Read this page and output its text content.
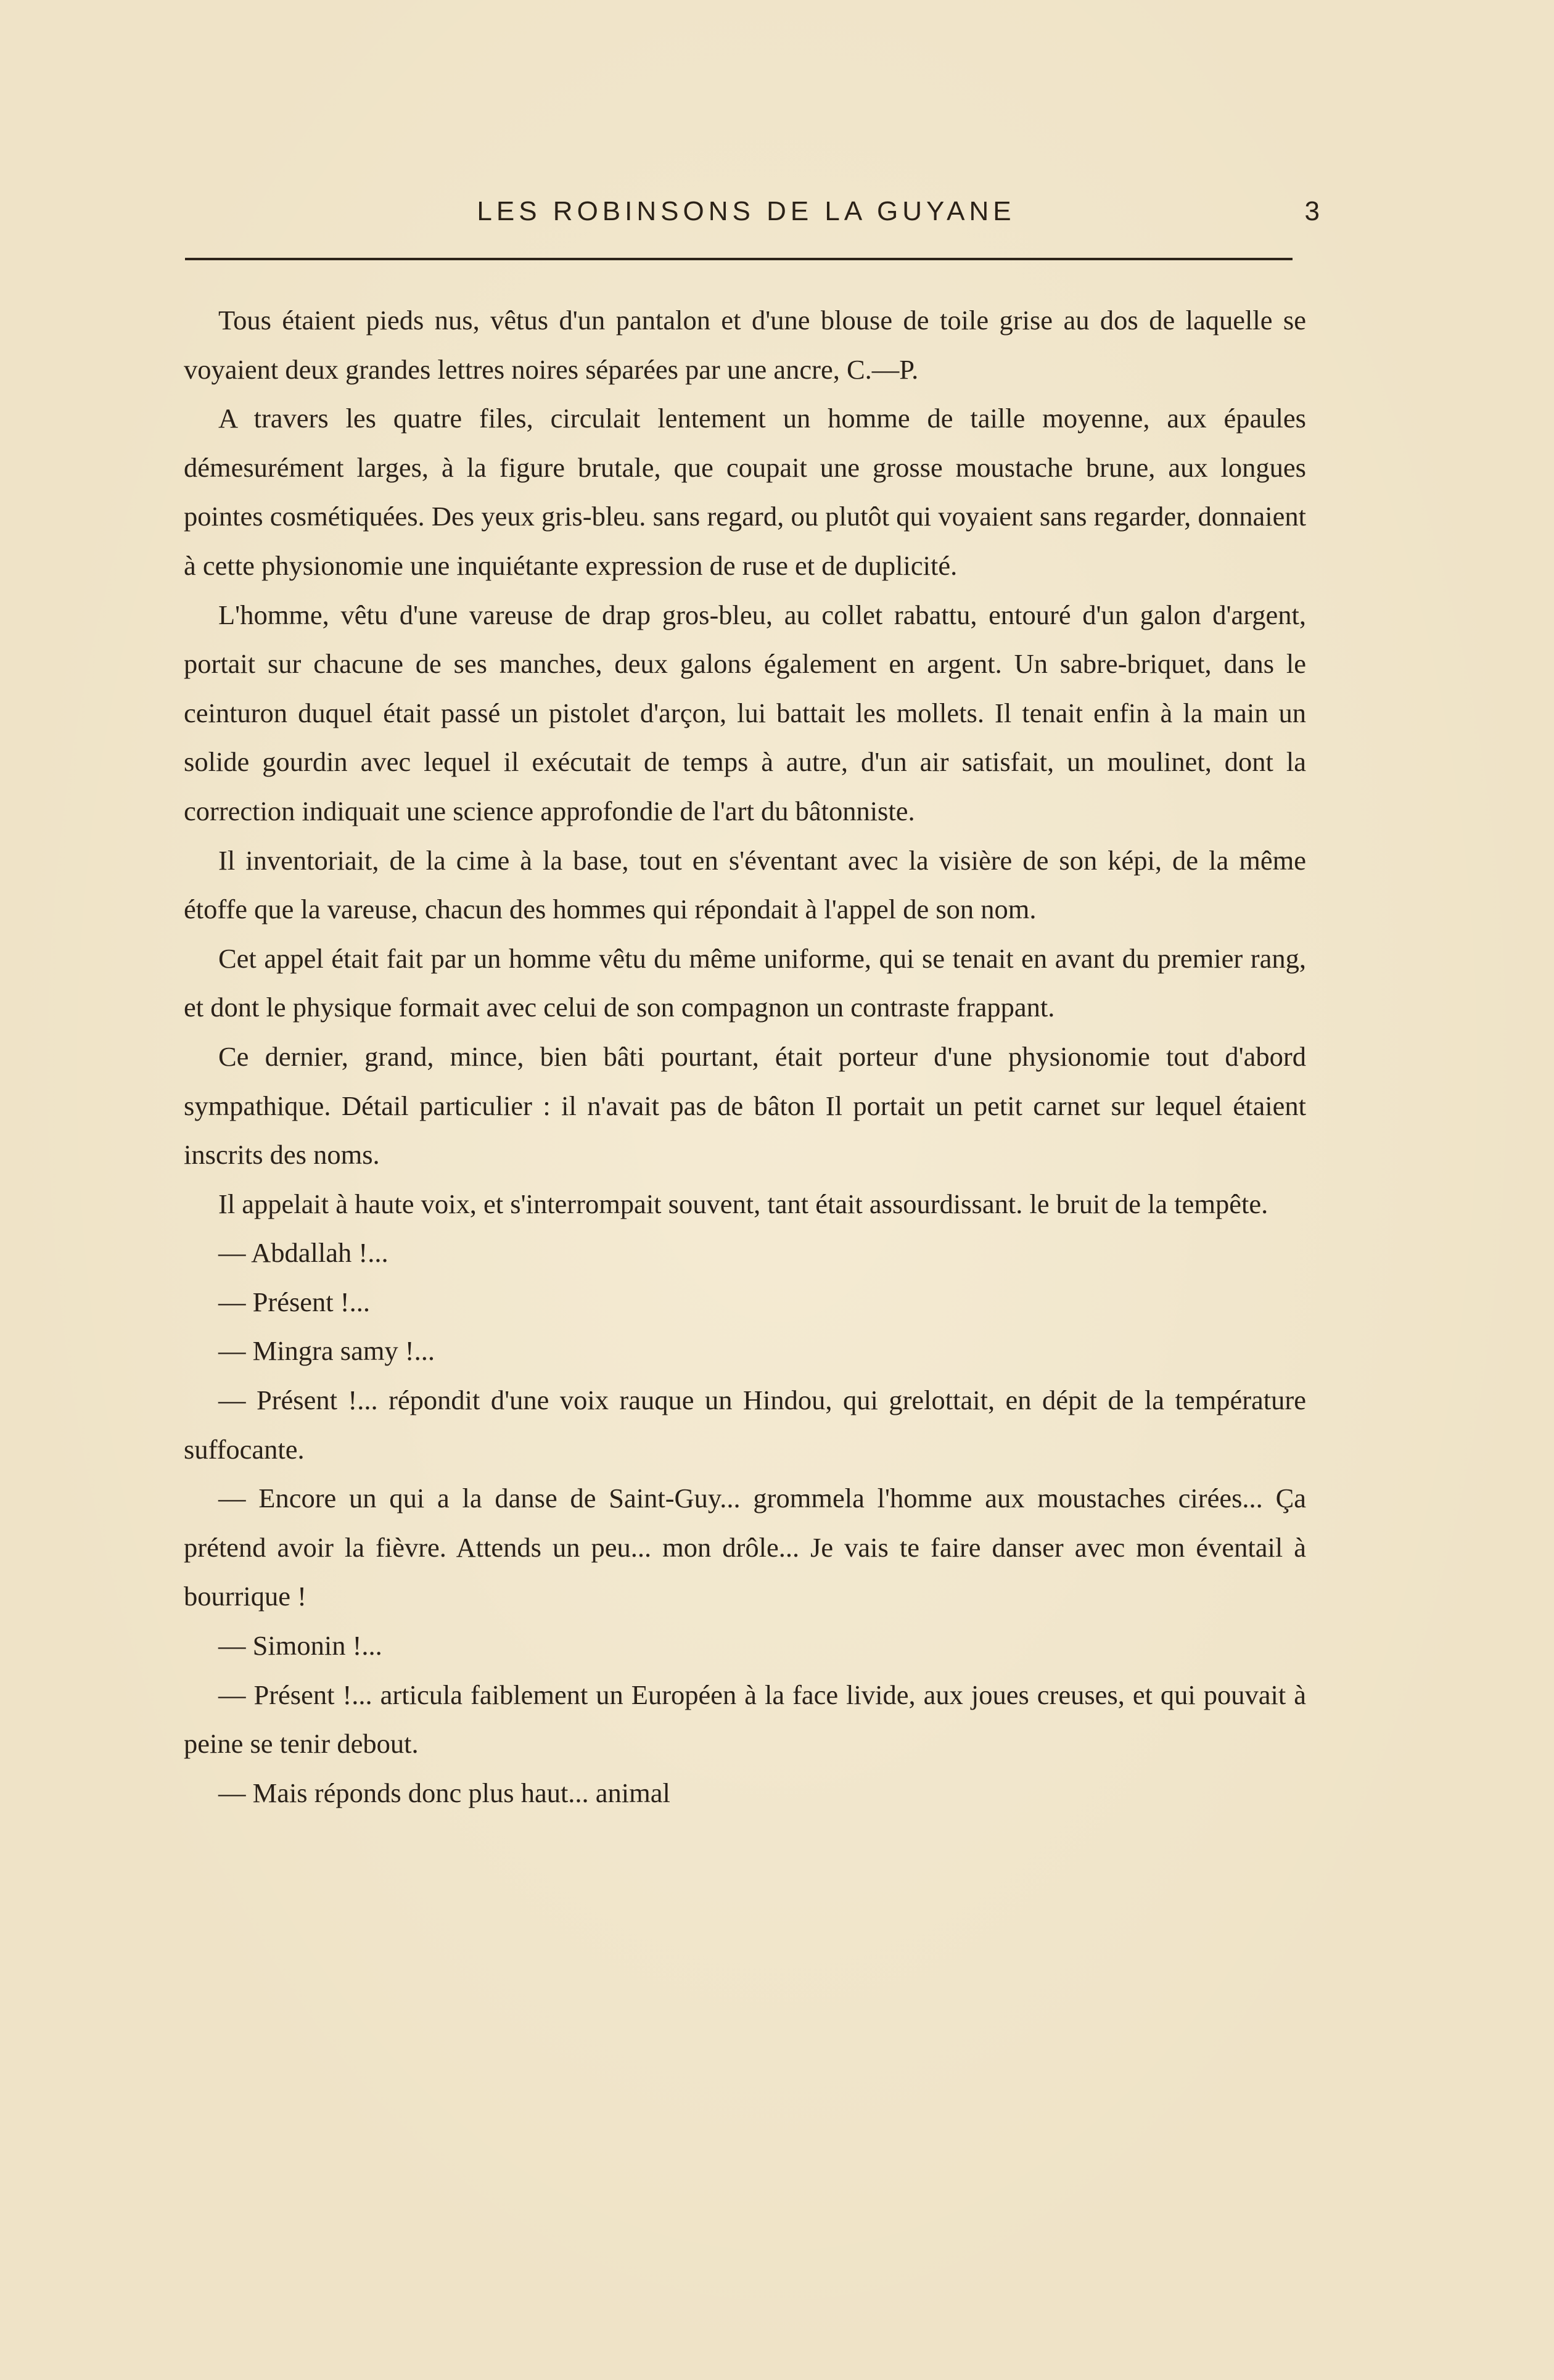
LES ROBINSONS DE LA GUYANE	3

Tous étaient pieds nus, vêtus d'un pantalon et d'une blouse de toile grise au dos de laquelle se voyaient deux grandes lettres noires séparées par une ancre, C.—P.

A travers les quatre files, circulait lentement un homme de taille moyenne, aux épaules démesurément larges, à la figure brutale, que coupait une grosse moustache brune, aux longues pointes cosmétiquées. Des yeux gris-bleu. sans regard, ou plutôt qui voyaient sans regarder, donnaient à cette physionomie une inquiétante expression de ruse et de duplicité.

L'homme, vêtu d'une vareuse de drap gros-bleu, au collet rabattu, entouré d'un galon d'argent, portait sur chacune de ses manches, deux galons également en argent. Un sabre-briquet, dans le ceinturon duquel était passé un pistolet d'arçon, lui battait les mollets. Il tenait enfin à la main un solide gourdin avec lequel il exécutait de temps à autre, d'un air satisfait, un moulinet, dont la correction indiquait une science approfondie de l'art du bâtonniste.

Il inventoriait, de la cime à la base, tout en s'éventant avec la visière de son képi, de la même étoffe que la vareuse, chacun des hommes qui répondait à l'appel de son nom.

Cet appel était fait par un homme vêtu du même uniforme, qui se tenait en avant du premier rang, et dont le physique formait avec celui de son compagnon un contraste frappant.

Ce dernier, grand, mince, bien bâti pourtant, était porteur d'une physionomie tout d'abord sympathique. Détail particulier : il n'avait pas de bâton Il portait un petit carnet sur lequel étaient inscrits des noms.

Il appelait à haute voix, et s'interrompait souvent, tant était assourdissant. le bruit de la tempête.

— Abdallah !...

— Présent !...

— Mingra samy !...

— Présent !... répondit d'une voix rauque un Hindou, qui grelottait, en dépit de la température suffocante.

— Encore un qui a la danse de Saint-Guy... grommela l'homme aux moustaches cirées... Ça prétend avoir la fièvre. Attends un peu... mon drôle... Je vais te faire danser avec mon éventail à bourrique !

— Simonin !...

— Présent !... articula faiblement un Européen à la face livide, aux joues creuses, et qui pouvait à peine se tenir debout.

— Mais réponds donc plus haut... animal
